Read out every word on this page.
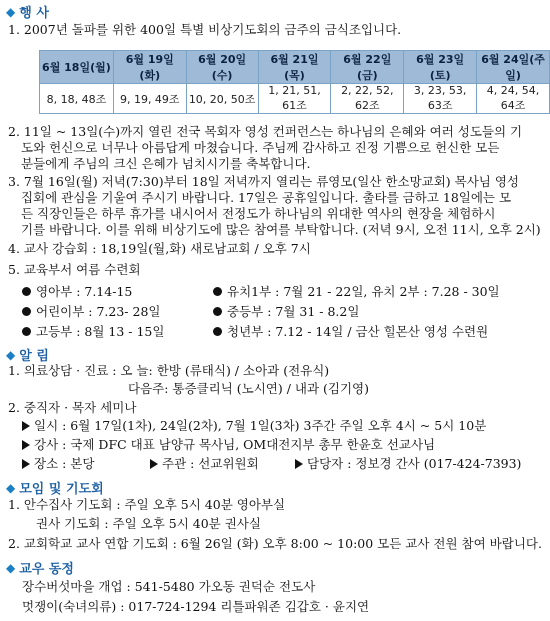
◆ 행 사
1. 2007년 돌파를 위한 400일 특별 비상기도회의 금주의 금식조입니다.
6월 18일(월)	6월 19일(화)	6월 20일(수)	6월 21일(목)	6월 22일(금)	6월 23일(토)	6월 24일(주일)
8, 18, 48조	9, 19, 49조	10, 20, 50조	1, 21, 51, 61조	2, 22, 52, 62조	3, 23, 53, 63조	4, 24, 54, 64조
2. 11일 ~ 13일(수)까지 열린 전국 목회자 영성 컨퍼런스는 하나님의 은혜와 여러 성도들의 기
도와 헌신으로 너무나 아름답게 마쳤습니다. 주님께 감사하고 진정 기쁨으로 헌신한 모든
분들에게 주님의 크신 은혜가 넘치시기를 축복합니다.
3. 7월 16일(월) 저녁(7:30)부터 18일 저녁까지 열리는 류영모(일산 한소망교회) 목사님 영성
집회에 관심을 기울여 주시기 바랍니다. 17일은 공휴일입니다. 출타를 금하고 18일에는 모
든 직장인들은 하루 휴가를 내시어서 전정도가 하나님의 위대한 역사의 현장을 체험하시
기를 바랍니다. 이를 위해 비상기도에 많은 참여를 부탁합니다. (저녁 9시, 오전 11시, 오후 2시)
4. 교사 강습회 : 18,19일(월,화) 새로남교회 / 오후 7시
5. 교육부서 여름 수련회
영아부 : 7.14-15	유치1부 : 7월 21 - 22일, 유치 2부 : 7.28 - 30일
어린이부 : 7.23- 28일	중등부 : 7월 31 - 8.2일
고등부 : 8월 13 - 15일	청년부 : 7.12 - 14일 / 금산 힐몬산 영성 수련원
◆ 알 림
1. 의료상담 · 진료 : 오 늘: 한방 (류태식) / 소아과 (전유식)
다음주: 통증클리닉 (노시연) / 내과 (김기영)
2. 중직자 · 목자 세미나
일시 : 6월 17일(1차), 24일(2차), 7월 1일(3차) 3주간 주일 오후 4시 ~ 5시 10분
강사 : 국제 DFC 대표 남양규 목사님, OM대전지부 총무 한윤호 선교사님
장소 : 본당	주관 : 선교위원회	담당자 : 정보경 간사 (017-424-7393)
◆ 모임 및 기도회
1. 안수집사 기도회 : 주일 오후 5시 40분 영아부실
권사 기도회 : 주일 오후 5시 40분 권사실
2. 교회학교 교사 연합 기도회 : 6월 26일 (화) 오후 8:00 ~ 10:00 모든 교사 전원 참여 바랍니다.
◆ 교우 동정
장수버섯마을 개업 : 541-5480 가오동 권덕순 전도사
멋쟁이(숙녀의류) : 017-724-1294 리틀파워존 김갑호 · 윤지연
